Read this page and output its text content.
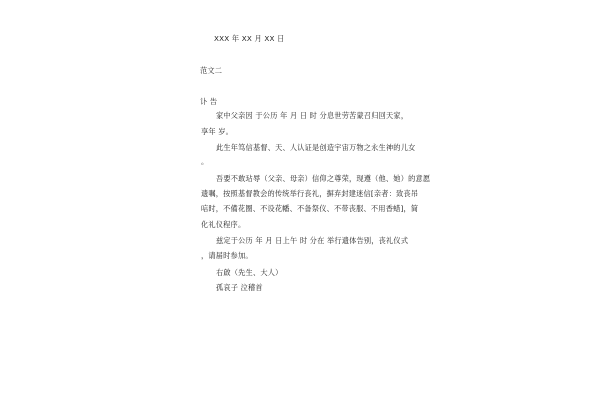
XXX 年 XX 月 XX 日
范文二
讣 告
家中父亲因 于公历 年 月 日 时 分息世劳苦蒙召归回天家，
享年 岁。
此生年笃信基督、天、人认证是创造宇宙万物之永生神的儿女
。
吾要不敢玷辱（父亲、母亲）信仰之尊荣，现遵（他、她）的意愿
遗嘱，按照基督教会的传统举行丧礼，摒弃封建迷信[亲者：致丧吊
唁时，不備花圈、不设花幡、不备祭仪、不带丧服、不用香蜡]，简
化礼仪程序。
兹定于公历 年 月 日上午 时 分在 举行遗体告别，丧礼仪式
，请届时参加。
右啟（先生、大人）
孤哀子 泣稽首
